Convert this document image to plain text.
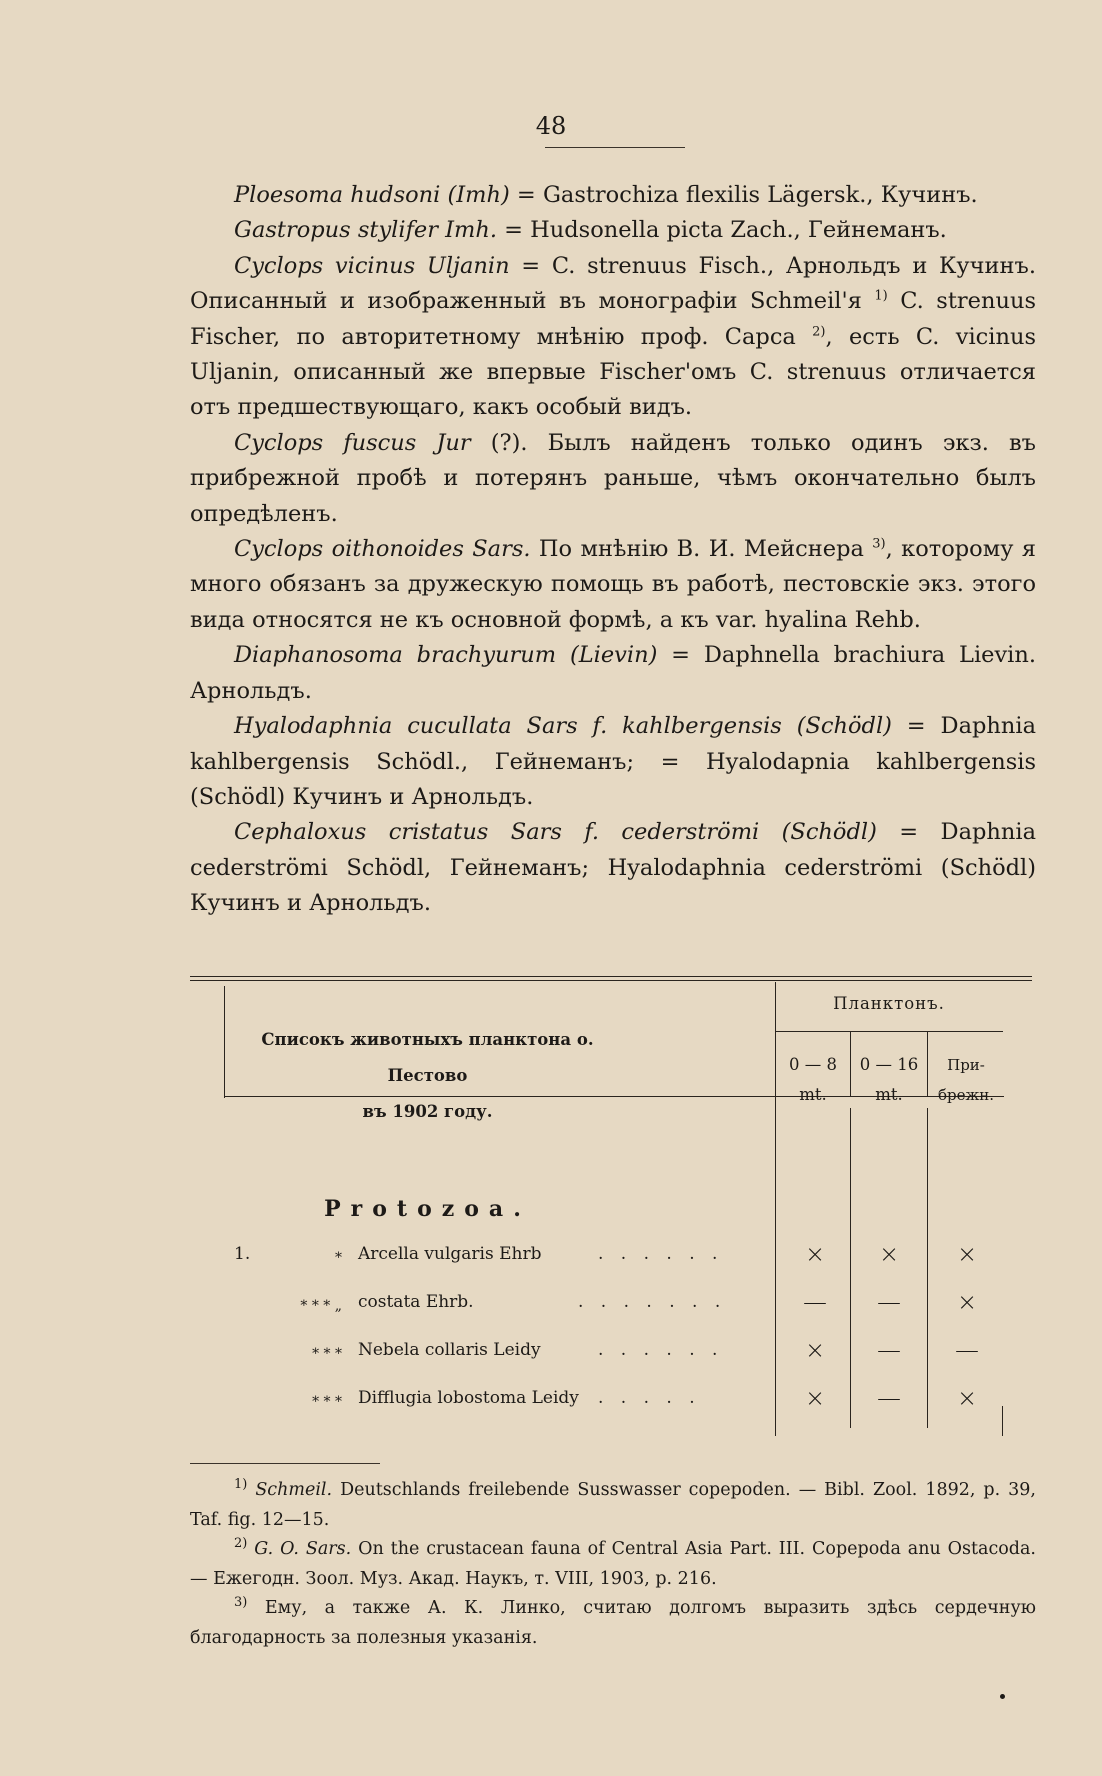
48

Ploesoma hudsoni (Imh) = Gastrochiza flexilis Lägersk., Кучинъ.

Gastropus stylifer Imh. = Hudsonella picta Zach., Гейнеманъ.

Cyclops vicinus Uljanin = C. strenuus Fisch., Арнольдъ и Кучинъ. Описанный и изображенный въ монографіи Schmeil'я $^{1)}$ C. strenuus Fischer, по авторитетному мнѣнію проф. Сарса $^{2)}$, есть C. vicinus Uljanin, описанный же впервые Fischer'омъ C. strenuus отличается отъ предшествующаго, какъ особый видъ.

Cyclops fuscus Jur (?). Былъ найденъ только одинъ экз. въ прибрежной пробѣ и потерянъ раньше, чѣмъ окончательно былъ опредѣленъ.

Cyclops oithonoides Sars. По мнѣнію В. И. Мейснера $^{3)}$, которому я много обязанъ за дружескую помощь въ работѣ, пестовскіе экз. этого вида относятся не къ основной формѣ, а къ var. hyalina Rehb.

Diaphanosoma brachyurum (Lievin) = Daphnella brachiura Lievin. Арнольдъ.

Hyalodaphnia cucullata Sars f. kahlbergensis (Schödl) = Daphnia kahlbergensis Schödl., Гейнеманъ; = Hyalodapnia kahlbergensis (Schödl) Кучинъ и Арнольдъ.

Cephaloxus cristatus Sars f. cederströmi (Schödl) = Daphnia cederströmi Schödl, Гейнеманъ; Hyalodaphnia cederströmi (Schödl) Кучинъ и Арнольдъ.

Списокъ животныхъ планктона о. Пестово
въ 1902 году.
Планктонъ.
0 — 8 mt.
0 — 16 mt.
При-брежн.
Protozoa.
1.	* Arcella vulgaris Ehrb	. . . . . .	×	×	×
* * * „ costata Ehrb.	. . . . . . .	—	—	×
* * * Nebela collaris Leidy	. . . . . .	×	—	—
* * * Difflugia lobostoma Leidy . . . . .	×	—	×

$^{1)}$ Schmeil. Deutschlands freilebende Susswasser copepoden. — Bibl. Zool. 1892, p. 39, Taf. fig. 12—15.

$^{2)}$ G. O. Sars. On the crustacean fauna of Central Asia Part. III. Copepoda anu Ostacoda. — Ежегодн. Зоол. Муз. Акад. Наукъ, т. VIII, 1903, p. 216.

$^{3)}$ Ему, а также А. К. Линко, считаю долгомъ выразить здѣсь сердечную благодарность за полезныя указанія.
